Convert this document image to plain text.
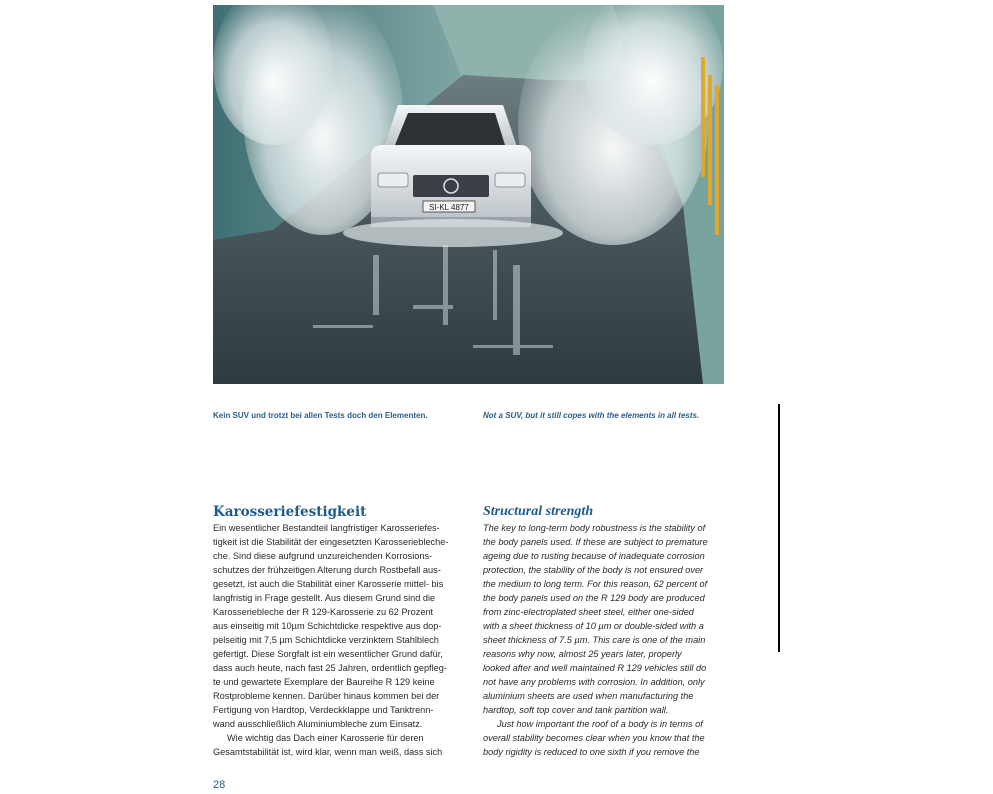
SI-KL 4877
Kein SUV und trotzt bei allen Tests doch den Elementen.	Not a SUV, but it still copes with the elements in all tests.
Karosseriefestigkeit	Structural strength
Ein wesentlicher Bestandteil langfristiger Karosseriefes-
tigkeit ist die Stabilität der eingesetzten Karosseriebleche-
che. Sind diese aufgrund unzureichenden Korrosions-
schutzes der frühzeitigen Alterung durch Rostbefall aus-
gesetzt, ist auch die Stabilität einer Karosserie mittel- bis
langfristig in Frage gestellt. Aus diesem Grund sind die
Karosseriebleche der R 129-Karosserie zu 62 Prozent
aus einseitig mit 10µm Schichtdicke respektive aus dop-
pelseitig mit 7,5 µm Schichtdicke verzinktem Stahlblech
gefertigt. Diese Sorgfalt ist ein wesentlicher Grund dafür,
dass auch heute, nach fast 25 Jahren, ordentlich gepfleg-
te und gewartete Exemplare der Baureihe R 129 keine
Rostprobleme kennen. Darüber hinaus kommen bei der
Fertigung von Hardtop, Verdeckklappe und Tanktrenn-
wand ausschließlich Aluminiumbleche zum Einsatz.
Wie wichtig das Dach einer Karosserie für deren
Gesamtstabilität ist, wird klar, wenn man weiß, dass sich
The key to long-term body robustness is the stability of
the body panels used. If these are subject to premature
ageing due to rusting because of inadequate corrosion
protection, the stability of the body is not ensured over
the medium to long term. For this reason, 62 percent of
the body panels used on the R 129 body are produced
from zinc-electroplated sheet steel, either one-sided
with a sheet thickness of 10 µm or double-sided with a
sheet thickness of 7.5 µm. This care is one of the main
reasons why now, almost 25 years later, properly
looked after and well maintained R 129 vehicles still do
not have any problems with corrosion. In addition, only
aluminium sheets are used when manufacturing the
hardtop, soft top cover and tank partition wall.
Just how important the roof of a body is in terms of
overall stability becomes clear when you know that the
body rigidity is reduced to one sixth if you remove the
28
